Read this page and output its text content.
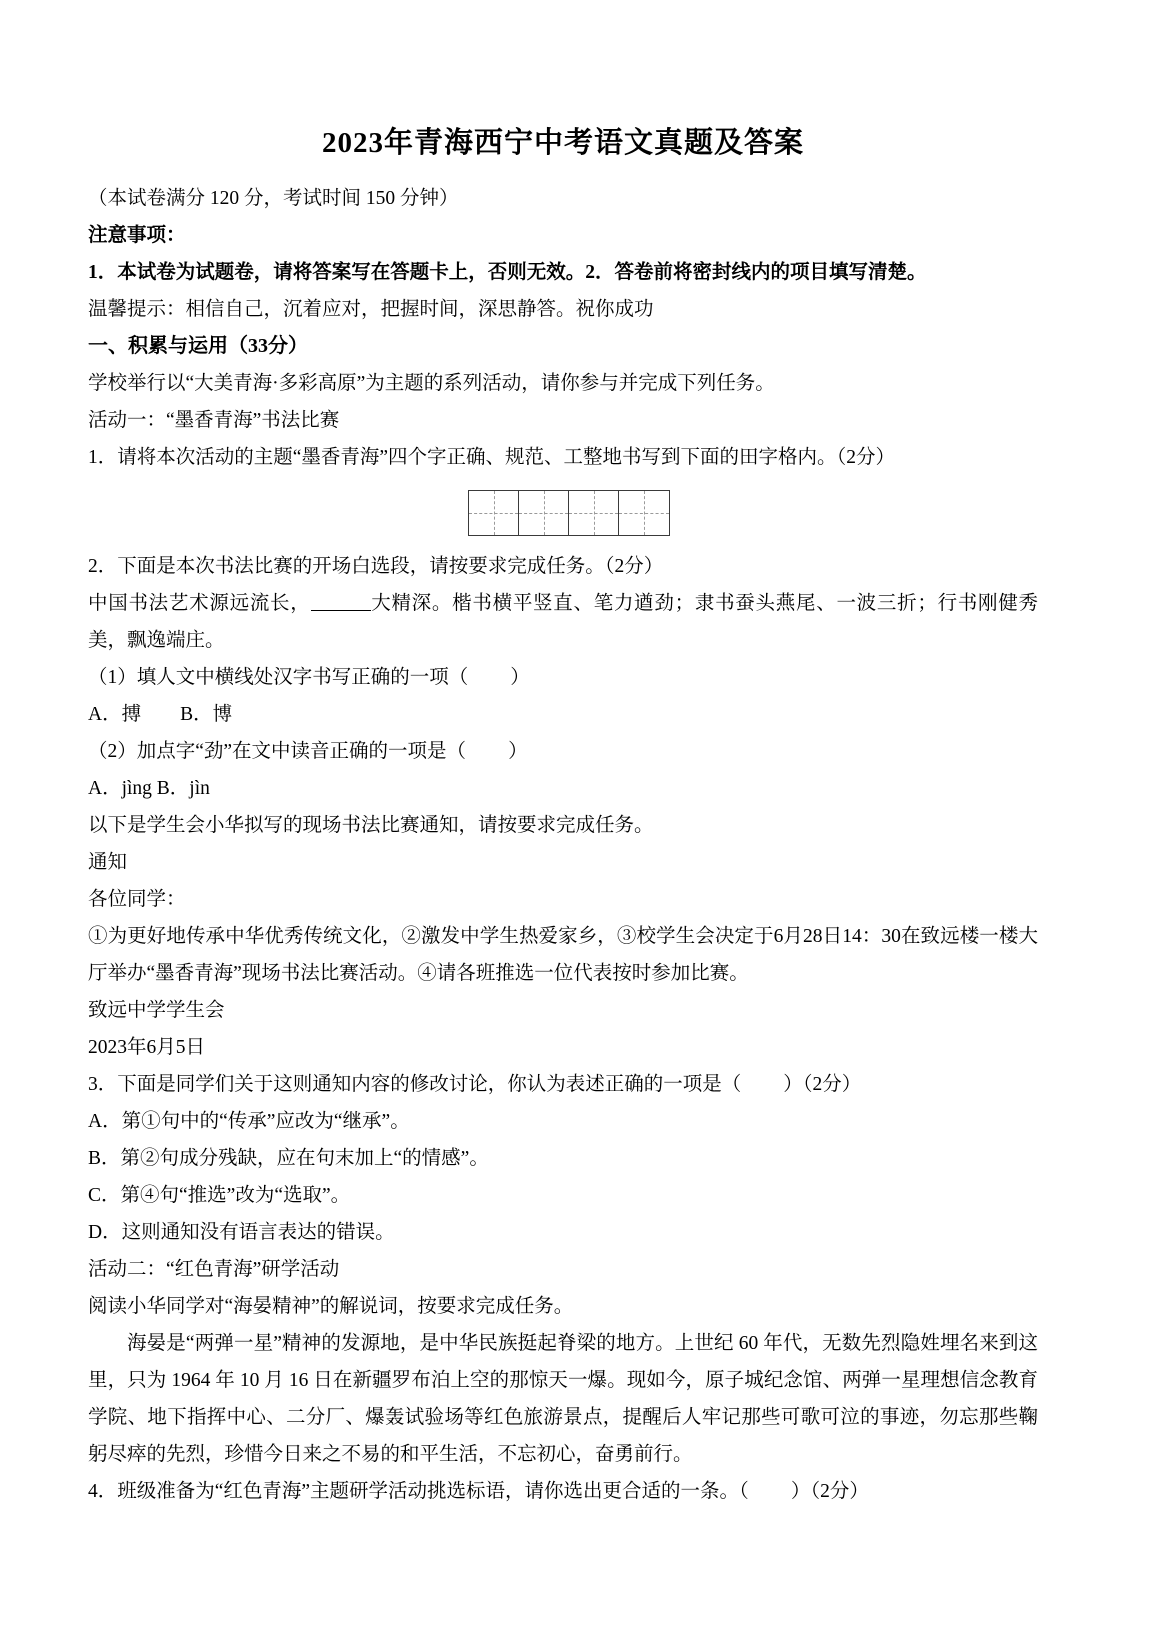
2023年青海西宁中考语文真题及答案

（本试卷满分 120 分，考试时间 150 分钟）

注意事项：

1．本试卷为试题卷，请将答案写在答题卡上，否则无效。2．答卷前将密封线内的项目填写清楚。

温馨提示：相信自己，沉着应对，把握时间，深思静答。祝你成功

一、积累与运用（33分）

学校举行以“大美青海·多彩高原”为主题的系列活动，请你参与并完成下列任务。

活动一：“墨香青海”书法比赛

1．请将本次活动的主题“墨香青海”四个字正确、规范、工整地书写到下面的田字格内。（2分）

2．下面是本次书法比赛的开场白选段，请按要求完成任务。（2分）

中国书法艺术源远流长，	大精深。楷书横平竖直、笔力遒劲；隶书蚕头燕尾、一波三折；行书刚健秀美，飘逸端庄。

（1）填人文中横线处汉字书写正确的一项（ ）

A．搏　　B．博

（2）加点字“劲”在文中读音正确的一项是（ ）

A．jìng B．jìn

以下是学生会小华拟写的现场书法比赛通知，请按要求完成任务。

通知

各位同学：

①为更好地传承中华优秀传统文化，②激发中学生热爱家乡，③校学生会决定于6月28日14：30在致远楼一楼大厅举办“墨香青海”现场书法比赛活动。④请各班推选一位代表按时参加比赛。

致远中学学生会

2023年6月5日

3．下面是同学们关于这则通知内容的修改讨论，你认为表述正确的一项是（ ）（2分）

A．第①句中的“传承”应改为“继承”。

B．第②句成分残缺，应在句末加上“的情感”。

C．第④句“推选”改为“选取”。

D．这则通知没有语言表达的错误。

活动二：“红色青海”研学活动

阅读小华同学对“海晏精神”的解说词，按要求完成任务。

海晏是“两弹一星”精神的发源地，是中华民族挺起脊梁的地方。上世纪 60 年代，无数先烈隐姓埋名来到这里，只为 1964 年 10 月 16 日在新疆罗布泊上空的那惊天一爆。现如今，原子城纪念馆、两弹一星理想信念教育学院、地下指挥中心、二分厂、爆轰试验场等红色旅游景点，提醒后人牢记那些可歌可泣的事迹，勿忘那些鞠躬尽瘁的先烈，珍惜今日来之不易的和平生活，不忘初心，奋勇前行。

4．班级准备为“红色青海”主题研学活动挑选标语，请你选出更合适的一条。（ ）（2分）
